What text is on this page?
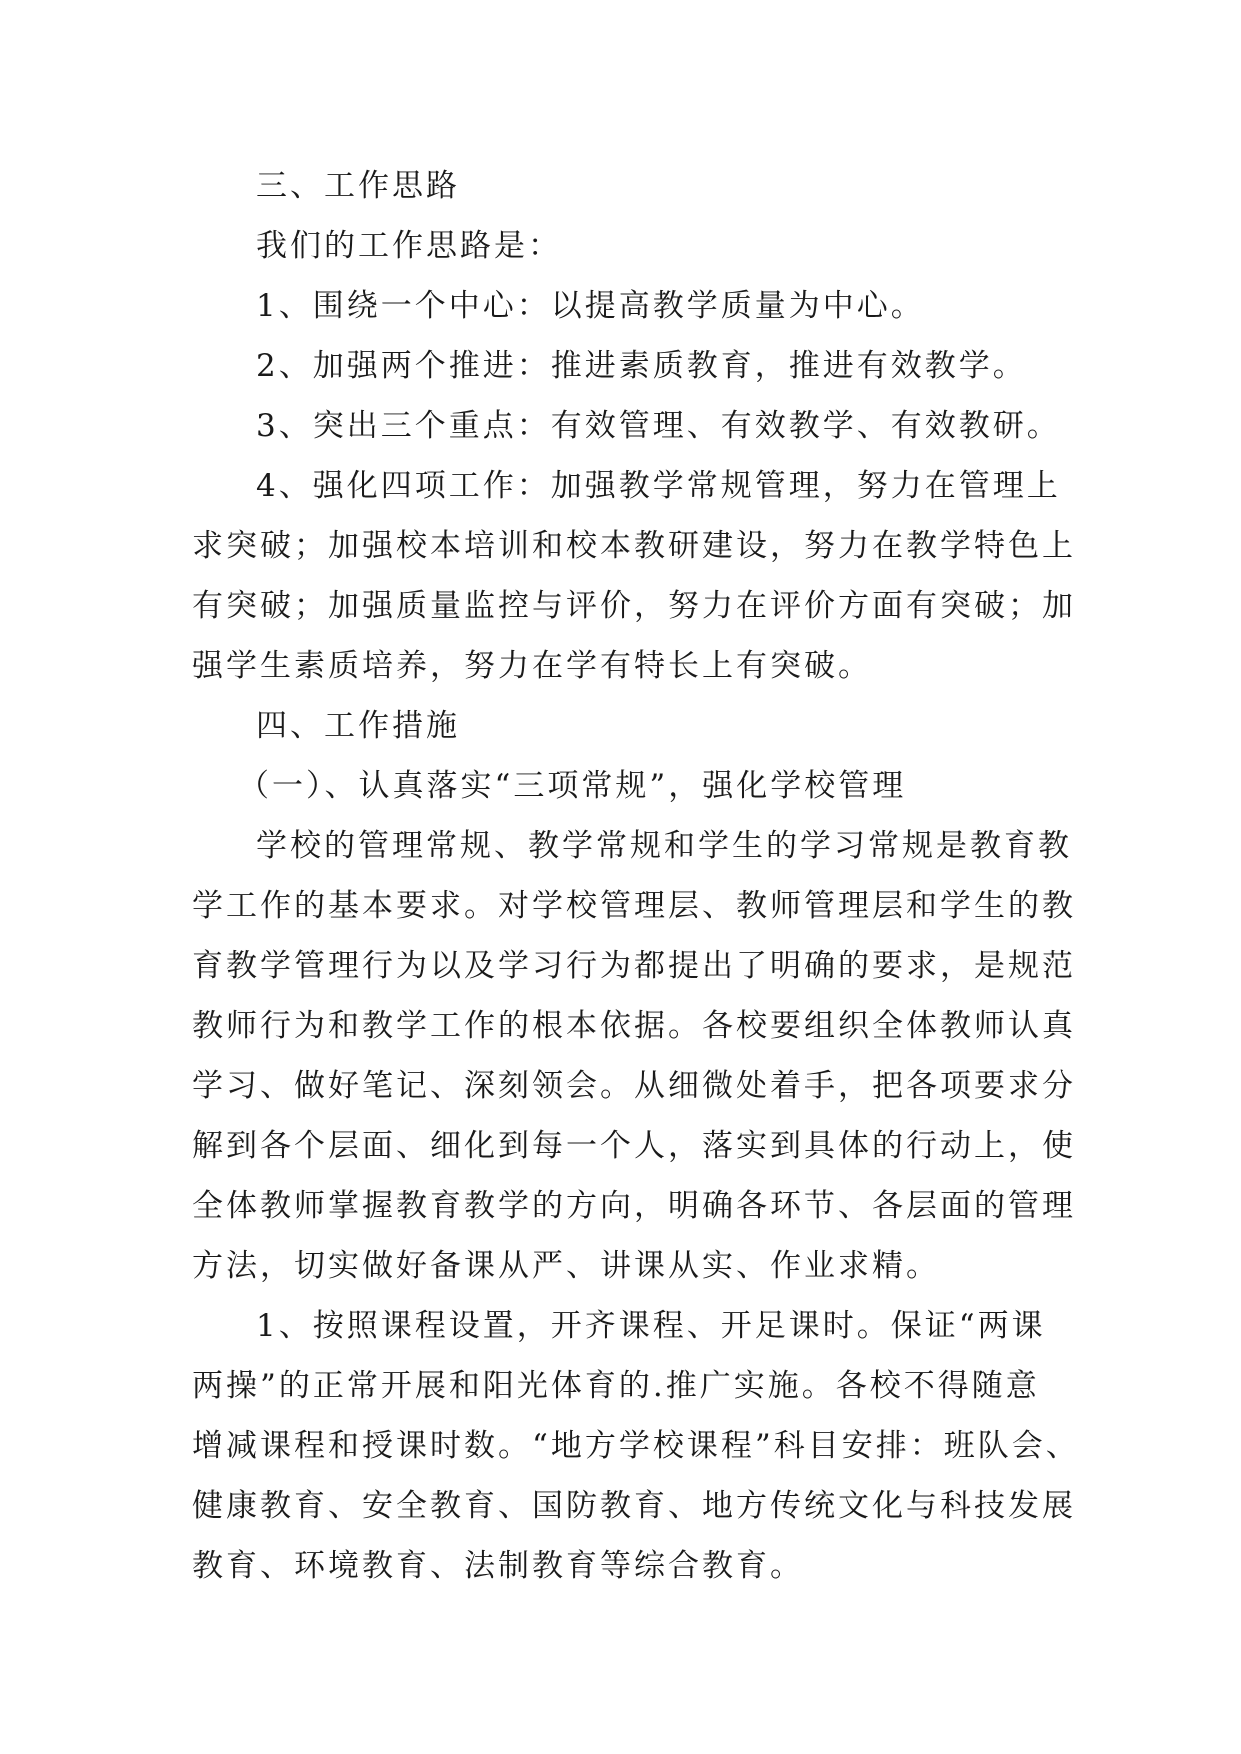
三、工作思路
我们的工作思路是：
1、围绕一个中心：以提高教学质量为中心。
2、加强两个推进：推进素质教育，推进有效教学。
3、突出三个重点：有效管理、有效教学、有效教研。
4、强化四项工作：加强教学常规管理，努力在管理上
求突破；加强校本培训和校本教研建设，努力在教学特色上
有突破；加强质量监控与评价，努力在评价方面有突破；加
强学生素质培养，努力在学有特长上有突破。
四、工作措施
（一）、认真落实“三项常规”，强化学校管理
学校的管理常规、教学常规和学生的学习常规是教育教
学工作的基本要求。对学校管理层、教师管理层和学生的教
育教学管理行为以及学习行为都提出了明确的要求，是规范
教师行为和教学工作的根本依据。各校要组织全体教师认真
学习、做好笔记、深刻领会。从细微处着手，把各项要求分
解到各个层面、细化到每一个人，落实到具体的行动上，使
全体教师掌握教育教学的方向，明确各环节、各层面的管理
方法，切实做好备课从严、讲课从实、作业求精。
1、按照课程设置，开齐课程、开足课时。保证“两课
两操”的正常开展和阳光体育的.推广实施。各校不得随意
增减课程和授课时数。“地方学校课程”科目安排：班队会、
健康教育、安全教育、国防教育、地方传统文化与科技发展
教育、环境教育、法制教育等综合教育。
